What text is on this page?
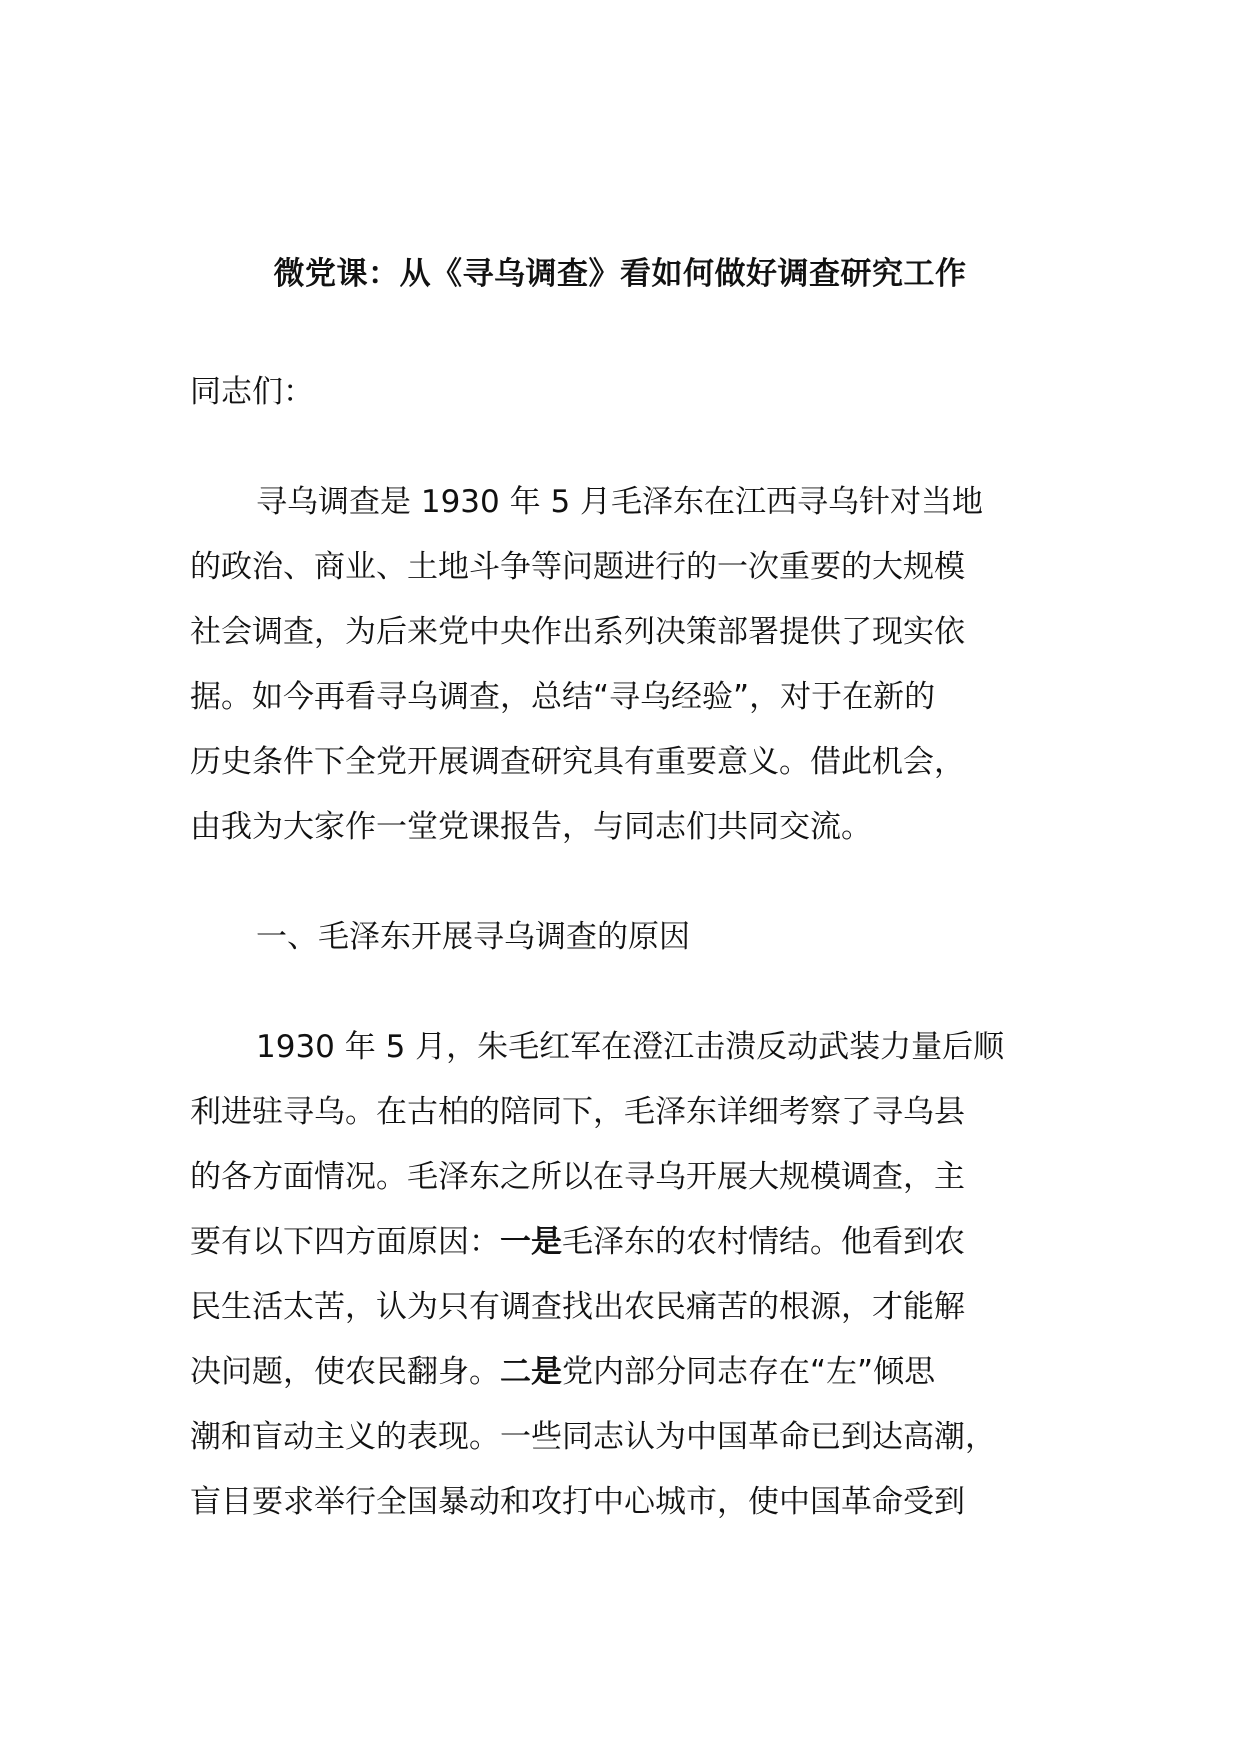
微党课：从《寻乌调查》看如何做好调查研究工作
同志们：
寻乌调查是 1930 年 5 月毛泽东在江西寻乌针对当地
的政治、商业、土地斗争等问题进行的一次重要的大规模
社会调查，为后来党中央作出系列决策部署提供了现实依
据。如今再看寻乌调查，总结“寻乌经验”，对于在新的
历史条件下全党开展调查研究具有重要意义。借此机会，
由我为大家作一堂党课报告，与同志们共同交流。
一、毛泽东开展寻乌调查的原因
1930 年 5 月，朱毛红军在澄江击溃反动武装力量后顺
利进驻寻乌。在古柏的陪同下，毛泽东详细考察了寻乌县
的各方面情况。毛泽东之所以在寻乌开展大规模调查，主
要有以下四方面原因：一是毛泽东的农村情结。他看到农
民生活太苦，认为只有调查找出农民痛苦的根源，才能解
决问题，使农民翻身。二是党内部分同志存在“左”倾思
潮和盲动主义的表现。一些同志认为中国革命已到达高潮，
盲目要求举行全国暴动和攻打中心城市，使中国革命受到
